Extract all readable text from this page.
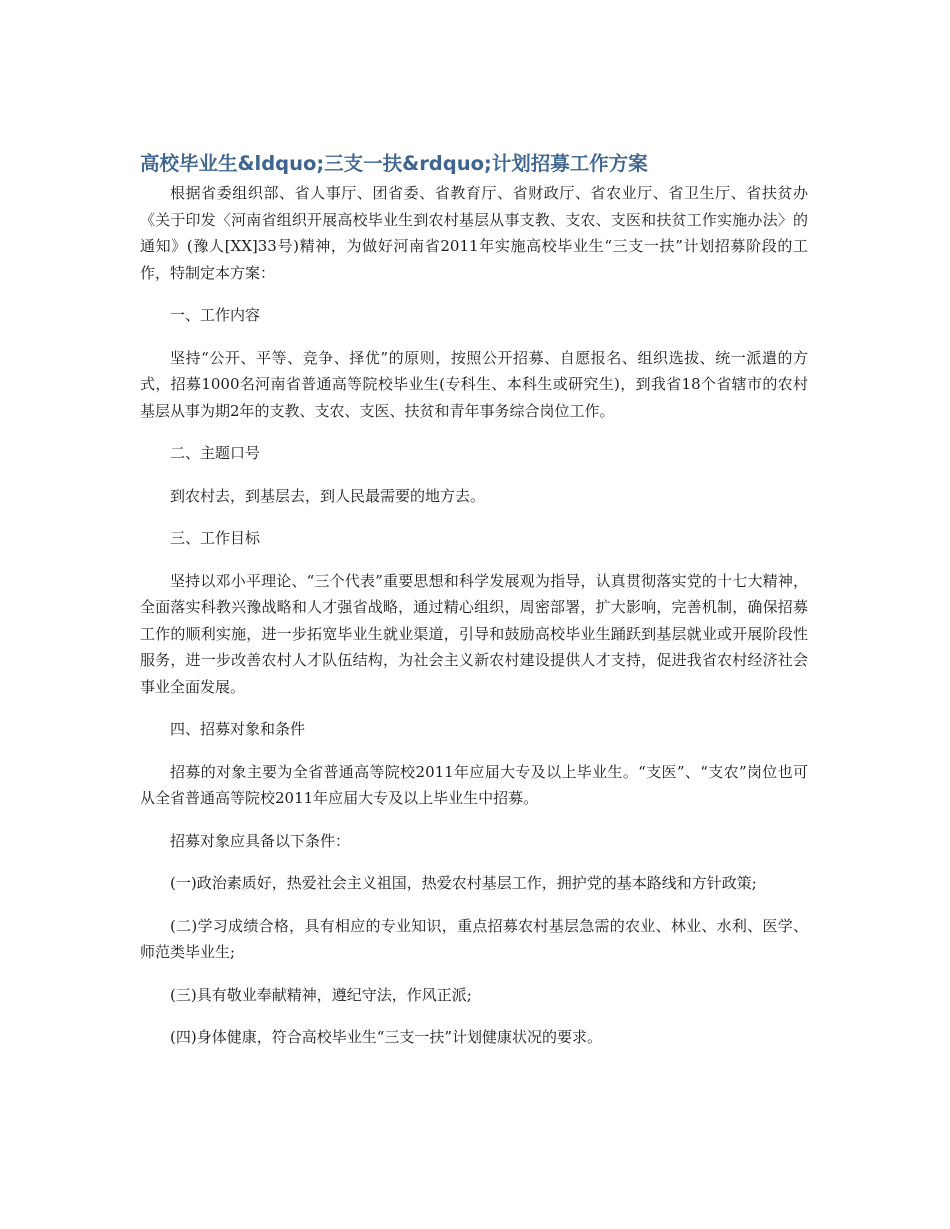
高校毕业生&ldquo;三支一扶&rdquo;计划招募工作方案

根据省委组织部、省人事厅、团省委、省教育厅、省财政厅、省农业厅、省卫生厅、省扶贫办《关于印发〈河南省组织开展高校毕业生到农村基层从事支教、支农、支医和扶贫工作实施办法〉的通知》(豫人[XX]33号)精神，为做好河南省2011年实施高校毕业生“三支一扶”计划招募阶段的工作，特制定本方案：

一、工作内容

坚持“公开、平等、竞争、择优”的原则，按照公开招募、自愿报名、组织选拔、统一派遣的方式，招募1000名河南省普通高等院校毕业生(专科生、本科生或研究生)，到我省18个省辖市的农村基层从事为期2年的支教、支农、支医、扶贫和青年事务综合岗位工作。

二、主题口号

到农村去，到基层去，到人民最需要的地方去。

三、工作目标

坚持以邓小平理论、“三个代表”重要思想和科学发展观为指导，认真贯彻落实党的十七大精神，全面落实科教兴豫战略和人才强省战略，通过精心组织，周密部署，扩大影响，完善机制，确保招募工作的顺利实施，进一步拓宽毕业生就业渠道，引导和鼓励高校毕业生踊跃到基层就业或开展阶段性服务，进一步改善农村人才队伍结构，为社会主义新农村建设提供人才支持，促进我省农村经济社会事业全面发展。

四、招募对象和条件

招募的对象主要为全省普通高等院校2011年应届大专及以上毕业生。“支医”、“支农”岗位也可从全省普通高等院校2011年应届大专及以上毕业生中招募。

招募对象应具备以下条件：

(一)政治素质好，热爱社会主义祖国，热爱农村基层工作，拥护党的基本路线和方针政策;

(二)学习成绩合格，具有相应的专业知识，重点招募农村基层急需的农业、林业、水利、医学、师范类毕业生;

(三)具有敬业奉献精神，遵纪守法，作风正派;

(四)身体健康，符合高校毕业生“三支一扶”计划健康状况的要求。
